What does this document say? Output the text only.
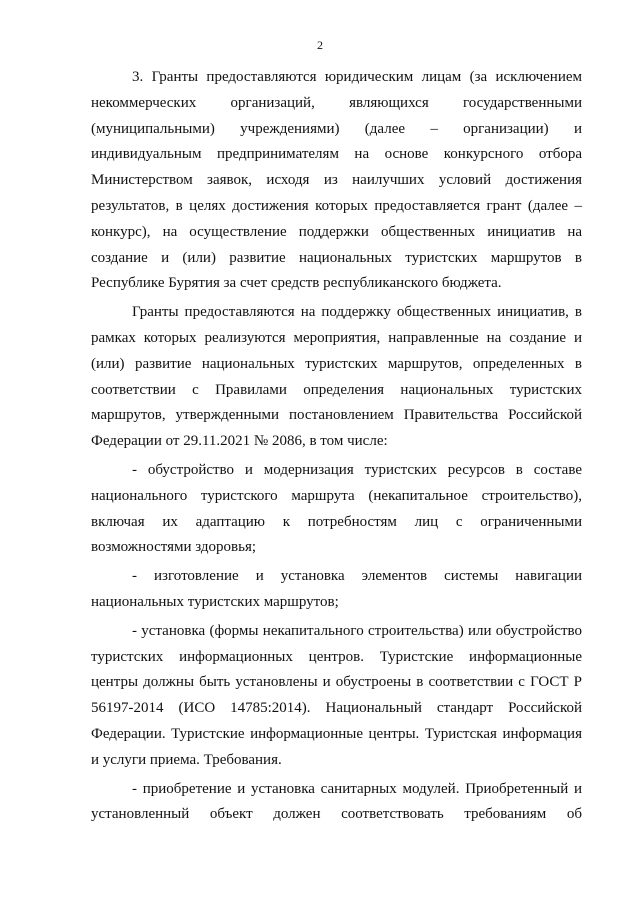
2

3. Гранты предоставляются юридическим лицам (за исключением некоммерческих организаций, являющихся государственными (муниципальными) учреждениями) (далее – организации) и индивидуальным предпринимателям на основе конкурсного отбора Министерством заявок, исходя из наилучших условий достижения результатов, в целях достижения которых предоставляется грант (далее – конкурс), на осуществление поддержки общественных инициатив на создание и (или) развитие национальных туристских маршрутов в Республике Бурятия за счет средств республиканского бюджета.

Гранты предоставляются на поддержку общественных инициатив, в рамках которых реализуются мероприятия, направленные на создание и (или) развитие национальных туристских маршрутов, определенных в соответствии с Правилами определения национальных туристских маршрутов, утвержденными постановлением Правительства Российской Федерации от 29.11.2021 № 2086, в том числе:

- обустройство и модернизация туристских ресурсов в составе национального туристского маршрута (некапитальное строительство), включая их адаптацию к потребностям лиц с ограниченными возможностями здоровья;

- изготовление и установка элементов системы навигации национальных туристских маршрутов;

- установка (формы некапитального строительства) или обустройство туристских информационных центров. Туристские информационные центры должны быть установлены и обустроены в соответствии с ГОСТ Р 56197-2014 (ИСО 14785:2014). Национальный стандарт Российской Федерации. Туристские информационные центры. Туристская информация и услуги приема. Требования.

- приобретение и установка санитарных модулей. Приобретенный и установленный объект должен соответствовать требованиям об
